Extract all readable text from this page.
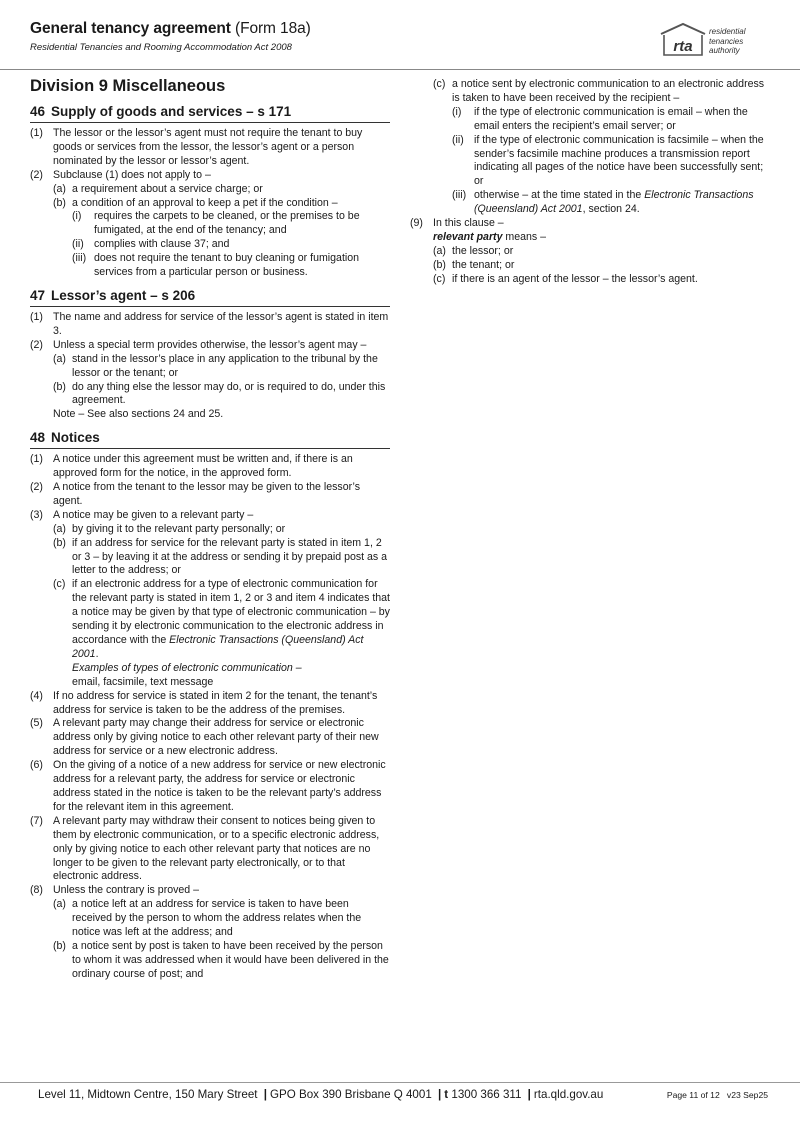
General tenancy agreement (Form 18a)
Residential Tenancies and Rooming Accommodation Act 2008	rta
residential
tenancies
authority
Division 9 Miscellaneous
46 Supply of goods and services – s 171
(1) The lessor or the lessor’s agent must not require the tenant to buy goods or services from the lessor, the lessor’s agent or a person nominated by the lessor or lessor’s agent.
(2) Subclause (1) does not apply to –
(a) a requirement about a service charge; or
(b) a condition of an approval to keep a pet if the condition –
(i)	requires the carpets to be cleaned, or the premises to be fumigated, at the end of the tenancy; and
(ii) complies with clause 37; and
(iii) does not require the tenant to buy cleaning or fumigation services from a particular person or business.
47 Lessor’s agent – s 206
(1) The name and address for service of the lessor’s agent is stated in item 3.
(2) Unless a special term provides otherwise, the lessor’s agent may –
(a) stand in the lessor’s place in any application to the tribunal by the lessor or the tenant; or
(b) do any thing else the lessor may do, or is required to do, under this agreement.
Note – See also sections 24 and 25.
48 Notices
(1) A notice under this agreement must be written and, if there is an approved form for the notice, in the approved form.
(2) A notice from the tenant to the lessor may be given to the lessor’s agent.
(3) A notice may be given to a relevant party –
(a) by giving it to the relevant party personally; or
(b) if an address for service for the relevant party is stated in item 1, 2 or 3 – by leaving it at the address or sending it by prepaid post as a letter to the address; or
(c) if an electronic address for a type of electronic communication for the relevant party is stated in item 1, 2 or 3 and item 4 indicates that a notice may be given by that type of electronic communication – by sending it by electronic communication to the electronic address in accordance with the Electronic Transactions (Queensland) Act 2001.
Examples of types of electronic communication –
email, facsimile, text message
(4) If no address for service is stated in item 2 for the tenant, the tenant’s address for service is taken to be the address of the premises.
(5) A relevant party may change their address for service or electronic address only by giving notice to each other relevant party of their new address for service or a new electronic address.
(6) On the giving of a notice of a new address for service or new electronic address for a relevant party, the address for service or electronic address stated in the notice is taken to be the relevant party’s address for the relevant item in this agreement.
(7) A relevant party may withdraw their consent to notices being given to them by electronic communication, or to a specific electronic address, only by giving notice to each other relevant party that notices are no longer to be given to the relevant party electronically, or to that electronic address.
(8) Unless the contrary is proved –
(a) a notice left at an address for service is taken to have been received by the person to whom the address relates when the notice was left at the address; and
(b) a notice sent by post is taken to have been received by the person to whom it was addressed when it would have been delivered in the ordinary course of post; and
(c) a notice sent by electronic communication to an electronic address is taken to have been received by the recipient –
(i)	if the type of electronic communication is email – when the email enters the recipient’s email server; or
(ii) if the type of electronic communication is facsimile – when the sender’s facsimile machine produces a transmission report indicating all pages of the notice have been successfully sent; or
(iii) otherwise – at the time stated in the Electronic Transactions (Queensland) Act 2001, section 24.
(9) In this clause –
relevant party means –
(a) the lessor; or
(b) the tenant; or
(c) if there is an agent of the lessor – the lessor’s agent.
Level 11, Midtown Centre, 150 Mary Street | GPO Box 390 Brisbane Q 4001 | t 1300 366 311 | rta.qld.gov.au	Page 11 of 12 v23 Sep25
